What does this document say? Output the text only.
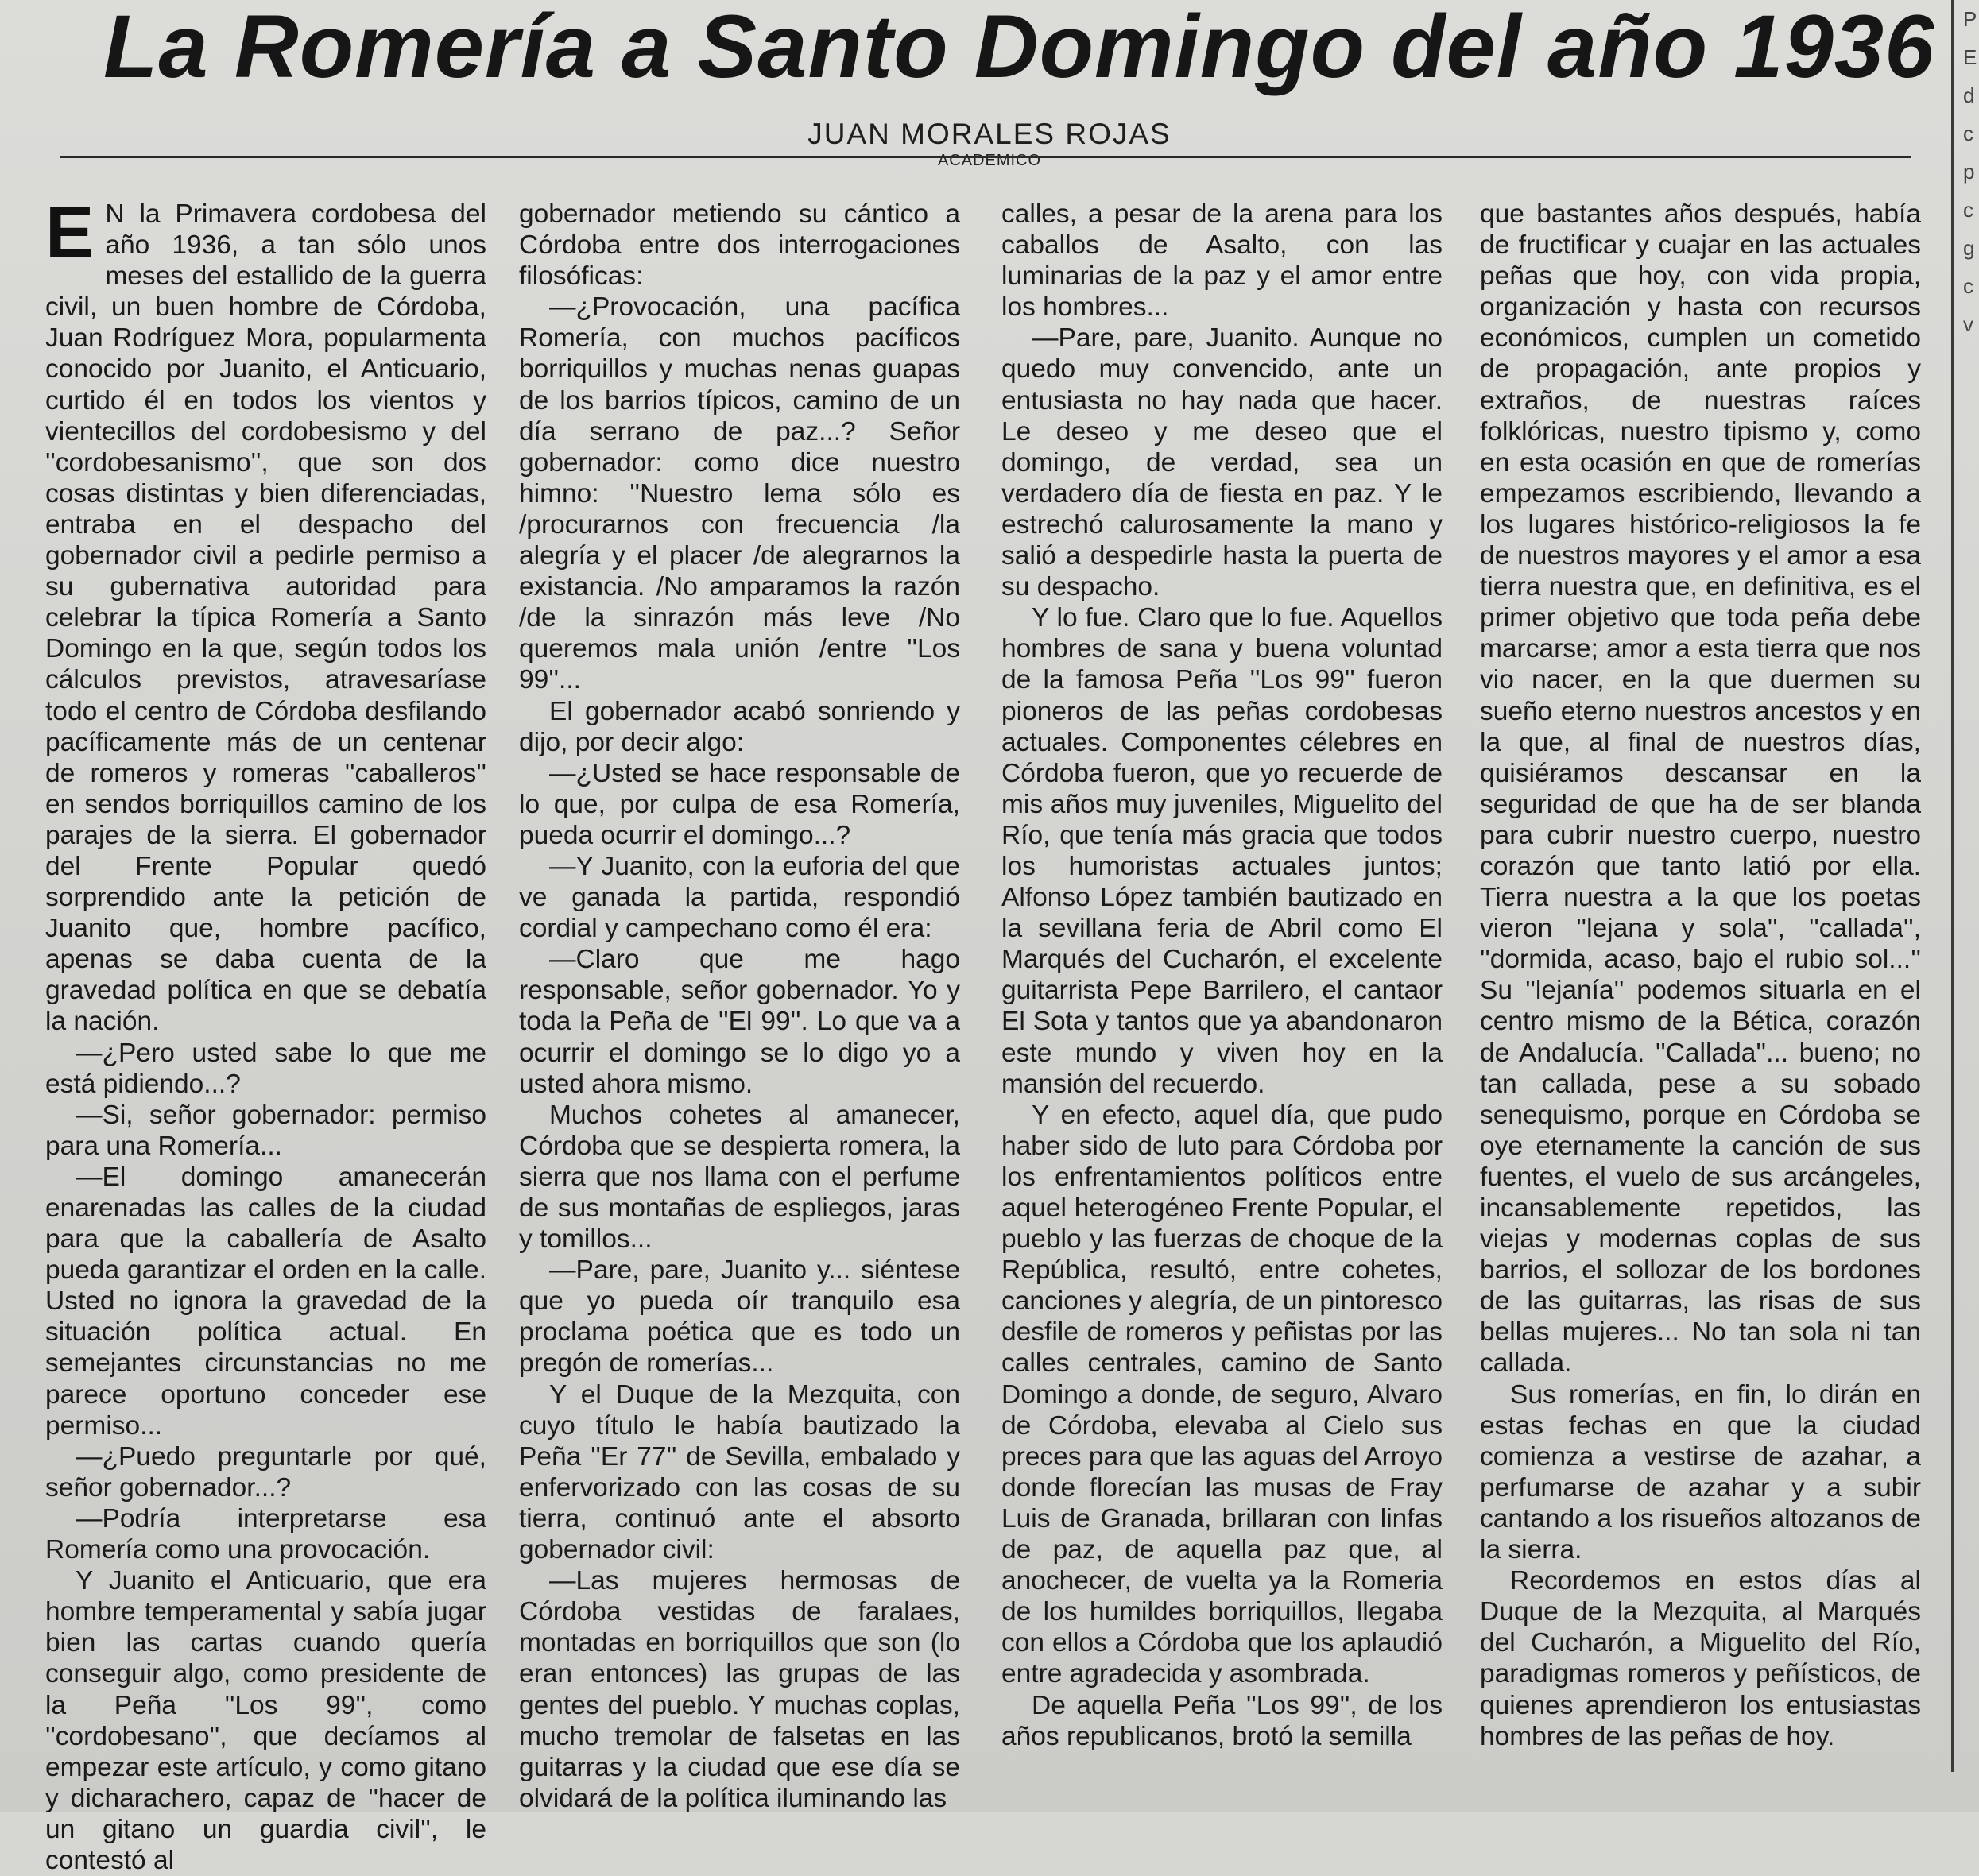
La Romería a Santo Domingo del año 1936
JUAN MORALES ROJAS
ACADEMICO
P
E
d
c
p
c
g
c
v

E N la Primavera cordobesa del año 1936, a tan sólo unos meses del estallido de la guerra civil, un buen hombre de Córdoba, Juan Rodríguez Mora, popularmenta conocido por Juanito, el Anticuario, curtido él en todos los vientos y vientecillos del cordobesismo y del ''cordobesanismo'', que son dos cosas distintas y bien diferenciadas, entraba en el despacho del gobernador civil a pedirle permiso a su gubernativa autoridad para celebrar la típica Romería a Santo Domingo en la que, según todos los cálculos previstos, atravesaríase todo el centro de Córdoba desfilando pacíficamente más de un centenar de romeros y romeras ''caballeros'' en sendos borriquillos camino de los parajes de la sierra. El gobernador del Frente Popular quedó sorprendido ante la petición de Juanito que, hombre pacífico, apenas se daba cuenta de la gravedad política en que se debatía la nación.

—¿Pero usted sabe lo que me está pidiendo...?

—Si, señor gobernador: permiso para una Romería...

—El domingo amanecerán enarenadas las calles de la ciudad para que la caballería de Asalto pueda garantizar el orden en la calle. Usted no ignora la gravedad de la situación política actual. En semejantes circunstancias no me parece oportuno conceder ese permiso...

—¿Puedo preguntarle por qué, señor gobernador...?

—Podría interpretarse esa Romería como una provocación.

Y Juanito el Anticuario, que era hombre temperamental y sabía jugar bien las cartas cuando quería conseguir algo, como presidente de la Peña ''Los 99'', como ''cordobesano'', que decíamos al empezar este artículo, y como gitano y dicharachero, capaz de ''hacer de un gitano un guardia civil'', le contestó al

gobernador metiendo su cántico a Córdoba entre dos interrogaciones filosóficas:

—¿Provocación, una pacífica Romería, con muchos pacíficos borriquillos y muchas nenas guapas de los barrios típicos, camino de un día serrano de paz...? Señor gobernador: como dice nuestro himno: ''Nuestro lema sólo es /procurarnos con frecuencia /la alegría y el placer /de alegrarnos la existancia. /No amparamos la razón /de la sinrazón más leve /No queremos mala unión /entre ''Los 99''...

El gobernador acabó sonriendo y dijo, por decir algo:

—¿Usted se hace responsable de lo que, por culpa de esa Romería, pueda ocurrir el domingo...?

—Y Juanito, con la euforia del que ve ganada la partida, respondió cordial y campechano como él era:

—Claro que me hago responsable, señor gobernador. Yo y toda la Peña de ''El 99''. Lo que va a ocurrir el domingo se lo digo yo a usted ahora mismo.

Muchos cohetes al amanecer, Córdoba que se despierta romera, la sierra que nos llama con el perfume de sus montañas de espliegos, jaras y tomillos...

—Pare, pare, Juanito y... siéntese que yo pueda oír tranquilo esa proclama poética que es todo un pregón de romerías...

Y el Duque de la Mezquita, con cuyo título le había bautizado la Peña ''Er 77'' de Sevilla, embalado y enfervorizado con las cosas de su tierra, continuó ante el absorto gobernador civil:

—Las mujeres hermosas de Córdoba vestidas de faralaes, montadas en borriquillos que son (lo eran entonces) las grupas de las gentes del pueblo. Y muchas coplas, mucho tremolar de falsetas en las guitarras y la ciudad que ese día se olvidará de la política iluminando las

calles, a pesar de la arena para los caballos de Asalto, con las luminarias de la paz y el amor entre los hombres...

—Pare, pare, Juanito. Aunque no quedo muy convencido, ante un entusiasta no hay nada que hacer. Le deseo y me deseo que el domingo, de verdad, sea un verdadero día de fiesta en paz. Y le estrechó calurosamente la mano y salió a despedirle hasta la puerta de su despacho.

Y lo fue. Claro que lo fue. Aquellos hombres de sana y buena voluntad de la famosa Peña ''Los 99'' fueron pioneros de las peñas cordobesas actuales. Componentes célebres en Córdoba fueron, que yo recuerde de mis años muy juveniles, Miguelito del Río, que tenía más gracia que todos los humoristas actuales juntos; Alfonso López también bautizado en la sevillana feria de Abril como El Marqués del Cucharón, el excelente guitarrista Pepe Barrilero, el cantaor El Sota y tantos que ya abandonaron este mundo y viven hoy en la mansión del recuerdo.

Y en efecto, aquel día, que pudo haber sido de luto para Córdoba por los enfrentamientos políticos entre aquel heterogéneo Frente Popular, el pueblo y las fuerzas de choque de la República, resultó, entre cohetes, canciones y alegría, de un pintoresco desfile de romeros y peñistas por las calles centrales, camino de Santo Domingo a donde, de seguro, Alvaro de Córdoba, elevaba al Cielo sus preces para que las aguas del Arroyo donde florecían las musas de Fray Luis de Granada, brillaran con linfas de paz, de aquella paz que, al anochecer, de vuelta ya la Romeria de los humildes borriquillos, llegaba con ellos a Córdoba que los aplaudió entre agradecida y asombrada.

De aquella Peña ''Los 99'', de los años republicanos, brotó la semilla

que bastantes años después, había de fructificar y cuajar en las actuales peñas que hoy, con vida propia, organización y hasta con recursos económicos, cumplen un cometido de propagación, ante propios y extraños, de nuestras raíces folklóricas, nuestro tipismo y, como en esta ocasión en que de romerías empezamos escribiendo, llevando a los lugares histórico-religiosos la fe de nuestros mayores y el amor a esa tierra nuestra que, en definitiva, es el primer objetivo que toda peña debe marcarse; amor a esta tierra que nos vio nacer, en la que duermen su sueño eterno nuestros ancestos y en la que, al final de nuestros días, quisiéramos descansar en la seguridad de que ha de ser blanda para cubrir nuestro cuerpo, nuestro corazón que tanto latió por ella. Tierra nuestra a la que los poetas vieron ''lejana y sola'', ''callada'', ''dormida, acaso, bajo el rubio sol...'' Su ''lejanía'' podemos situarla en el centro mismo de la Bética, corazón de Andalucía. ''Callada''... bueno; no tan callada, pese a su sobado senequismo, porque en Córdoba se oye eternamente la canción de sus fuentes, el vuelo de sus arcángeles, incansablemente repetidos, las viejas y modernas coplas de sus barrios, el sollozar de los bordones de las guitarras, las risas de sus bellas mujeres... No tan sola ni tan callada.

Sus romerías, en fin, lo dirán en estas fechas en que la ciudad comienza a vestirse de azahar, a perfumarse de azahar y a subir cantando a los risueños altozanos de la sierra.

Recordemos en estos días al Duque de la Mezquita, al Marqués del Cucharón, a Miguelito del Río, paradigmas romeros y peñísticos, de quienes aprendieron los entusiastas hombres de las peñas de hoy.
